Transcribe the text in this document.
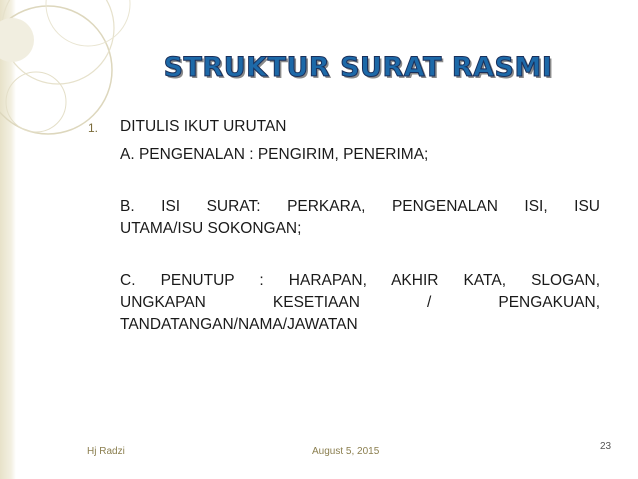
STRUKTUR SURAT RASMI
1. DITULIS IKUT URUTAN
A. PENGENALAN : PENGIRIM, PENERIMA;
B. ISI SURAT: PERKARA, PENGENALAN ISI, ISU
UTAMA/ISU SOKONGAN;
C. PENUTUP : HARAPAN, AKHIR KATA, SLOGAN,
UNGKAPAN KESETIAAN / PENGAKUAN,
TANDATANGAN/NAMA/JAWATAN
Hj Radzi	August 5, 2015	23
